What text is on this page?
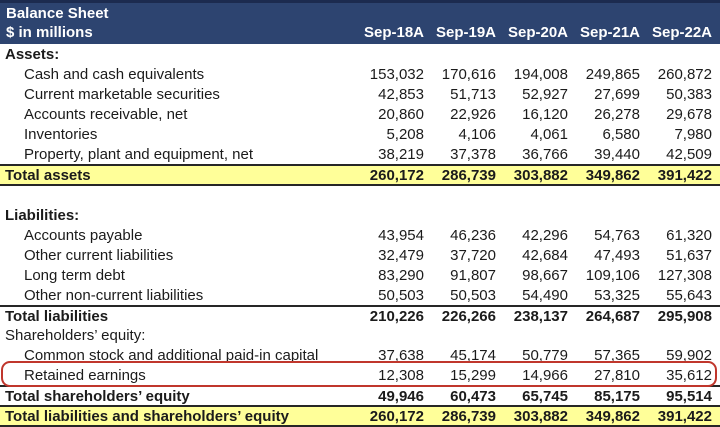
Balance Sheet
$ in millions	Sep-18A Sep-19A Sep-20A Sep-21A Sep-22A
Assets:
Cash and cash equivalents	153,032	170,616	194,008	249,865	260,872
Current marketable securities	42,853	51,713	52,927	27,699	50,383
Accounts receivable, net	20,860	22,926	16,120	26,278	29,678
Inventories	5,208	4,106	4,061	6,580	7,980
Property, plant and equipment, net	38,219	37,378	36,766	39,440	42,509
Total assets	260,172	286,739	303,882	349,862	391,422
Liabilities:
Accounts payable	43,954	46,236	42,296	54,763	61,320
Other current liabilities	32,479	37,720	42,684	47,493	51,637
Long term debt	83,290	91,807	98,667	109,106	127,308
Other non-current liabilities	50,503	50,503	54,490	53,325	55,643
Total liabilities	210,226	226,266	238,137	264,687	295,908
Shareholders’ equity:
Common stock and additional paid-in capital	37,638	45,174	50,779	57,365	59,902
Retained earnings	12,308	15,299	14,966	27,810	35,612
Total shareholders’ equity	49,946	60,473	65,745	85,175	95,514
Total liabilities and shareholders’ equity	260,172	286,739	303,882	349,862	391,422
